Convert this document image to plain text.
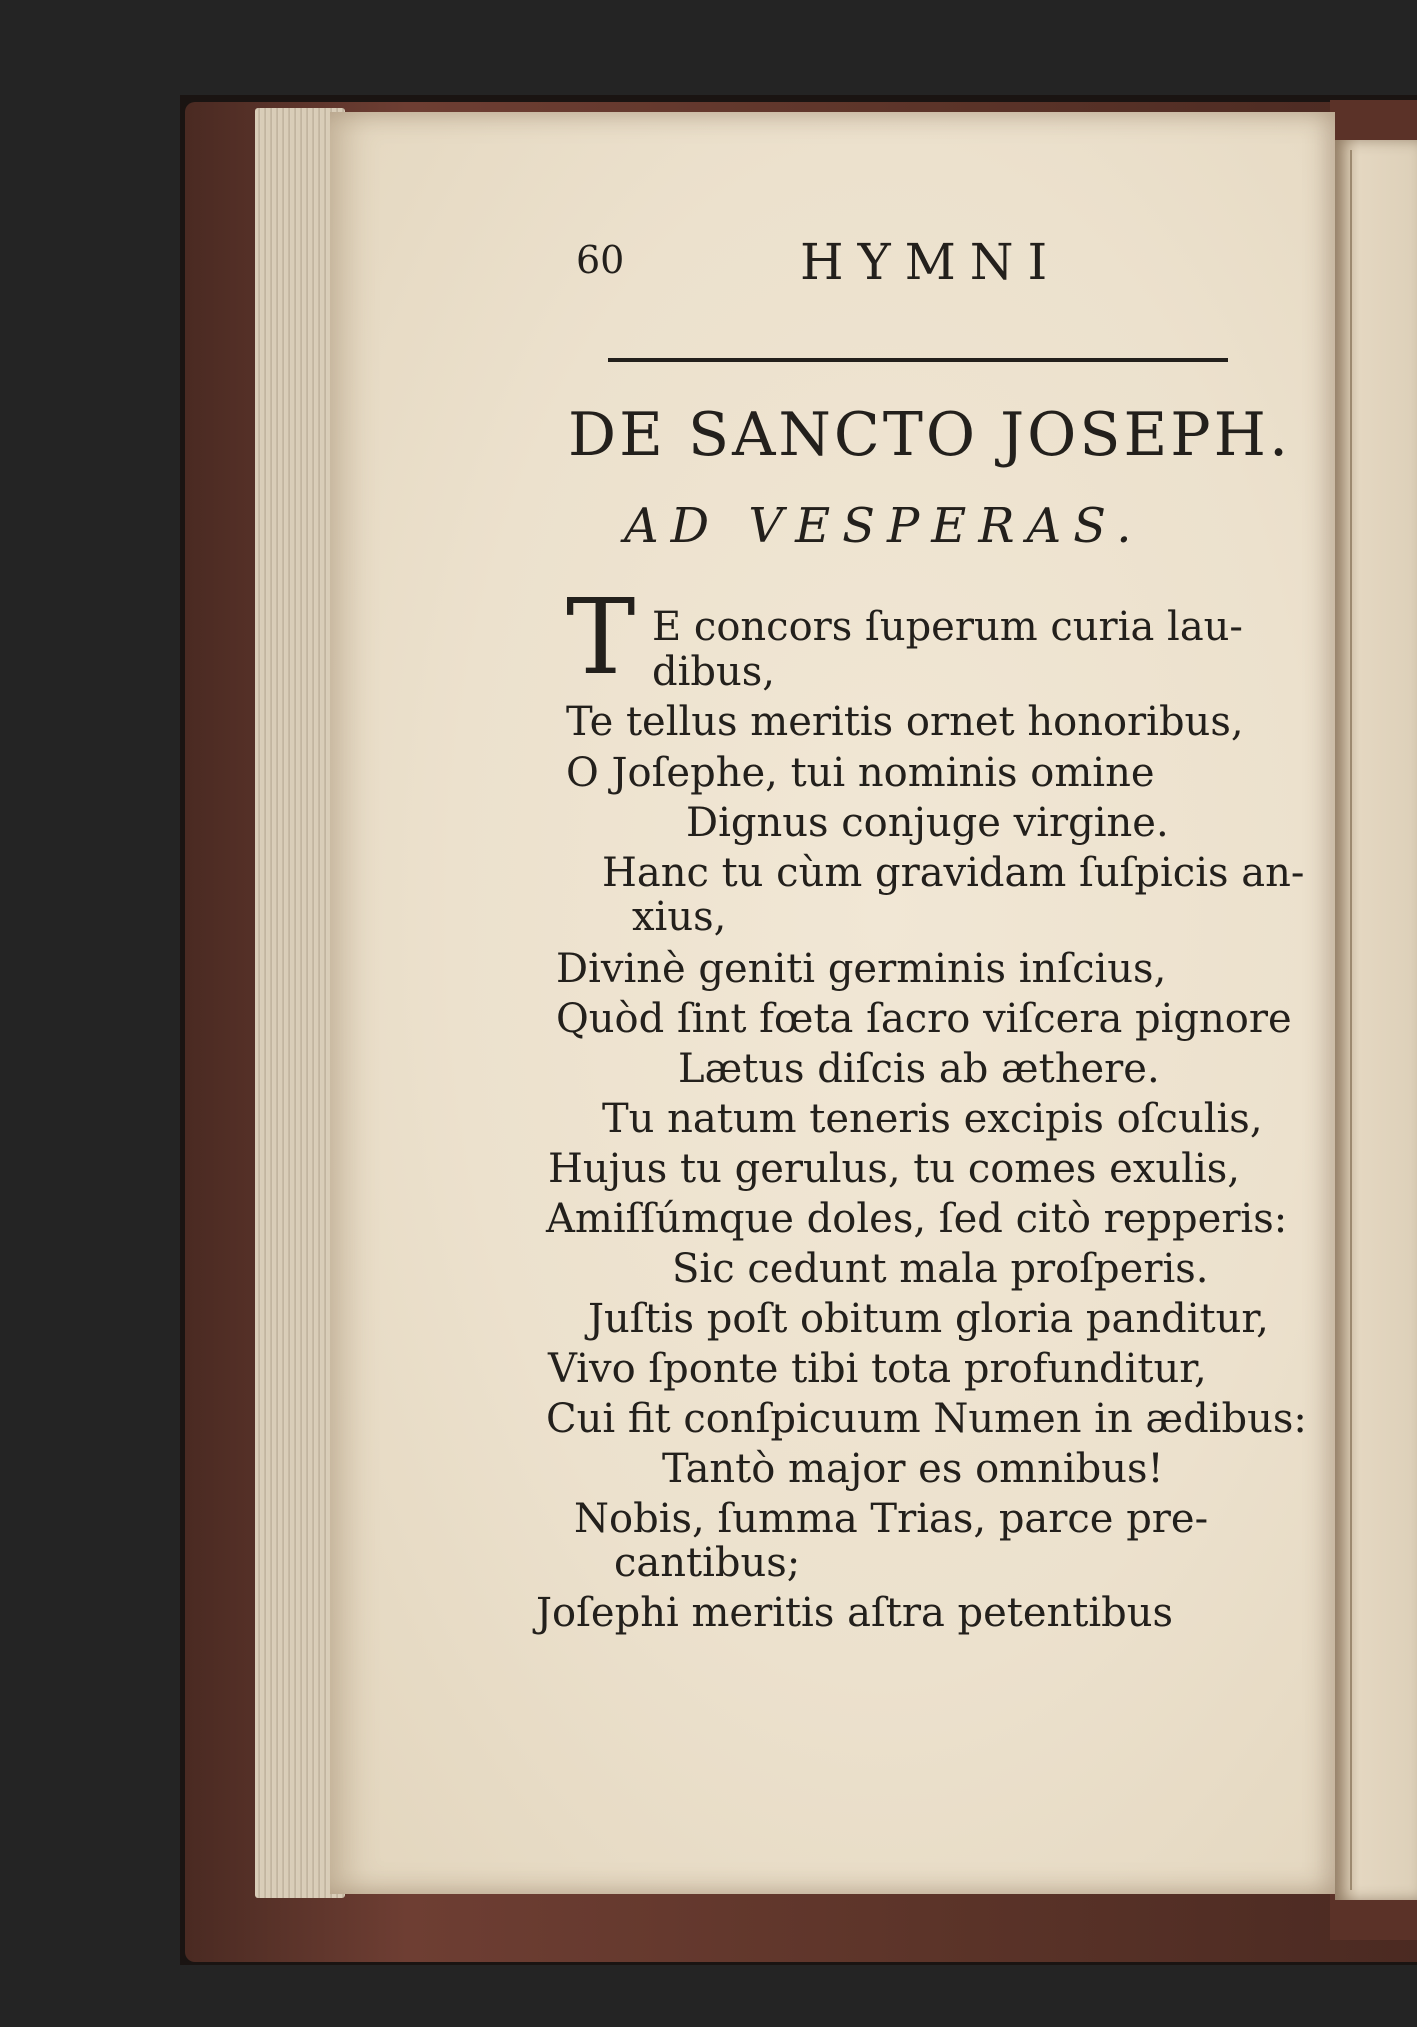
60	HYMNI
DE SANCTO JOSEPH.
AD VESPERAS.
T E concors ſuperum curia lau-
dibus,
Te tellus meritis ornet honoribus,
O Joſephe, tui nominis omine
Dignus conjuge virgine.
Hanc tu cùm gravidam ſuſpicis an-
xius,
Divinè geniti germinis inſcius,
Quòd ſint fœta ſacro viſcera pignore
Lætus diſcis ab æthere.
Tu natum teneris excipis oſculis,
Hujus tu gerulus, tu comes exulis,
Amiſſúmque doles, ſed citò repperis:
Sic cedunt mala proſperis.
Juſtis poſt obitum gloria panditur,
Vivo ſponte tibi tota profunditur,
Cui fit conſpicuum Numen in ædibus:
Tantò major es omnibus!
Nobis, ſumma Trias, parce pre-
cantibus;
Joſephi meritis aſtra petentibus
